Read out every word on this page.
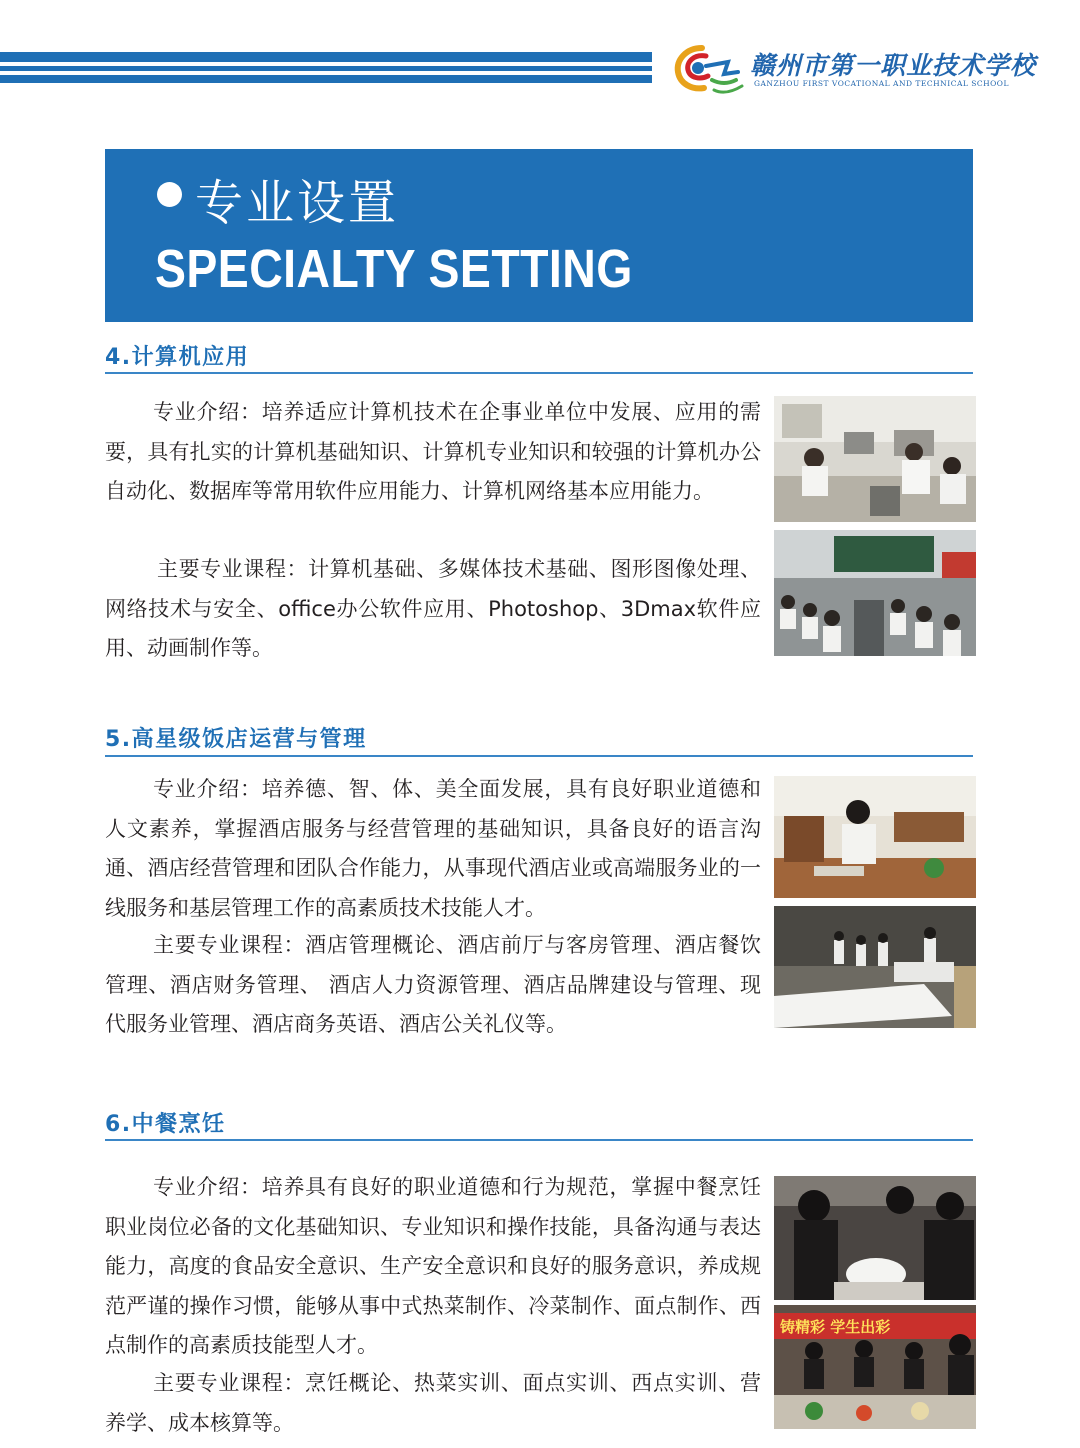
赣州市第一职业技术学校
GANZHOU FIRST VOCATIONAL AND TECHNICAL SCHOOL
专业设置
SPECIALTY SETTING
4.计算机应用

专业介绍：培养适应计算机技术在企事业单位中发展、应用的需要，具有扎实的计算机基础知识、计算机专业知识和较强的计算机办公自动化、数据库等常用软件应用能力、计算机网络基本应用能力。

主要专业课程：计算机基础、多媒体技术基础、图形图像处理、网络技术与安全、office办公软件应用、Photoshop、3Dmax软件应用、动画制作等。

5.高星级饭店运营与管理

专业介绍：培养德、智、体、美全面发展，具有良好职业道德和人文素养，掌握酒店服务与经营管理的基础知识，具备良好的语言沟通、酒店经营管理和团队合作能力，从事现代酒店业或高端服务业的一线服务和基层管理工作的高素质技术技能人才。

主要专业课程：酒店管理概论、酒店前厅与客房管理、酒店餐饮管理、酒店财务管理、 酒店人力资源管理、酒店品牌建设与管理、现代服务业管理、酒店商务英语、酒店公关礼仪等。

6.中餐烹饪

专业介绍：培养具有良好的职业道德和行为规范，掌握中餐烹饪职业岗位必备的文化基础知识、专业知识和操作技能，具备沟通与表达能力，高度的食品安全意识、生产安全意识和良好的服务意识，养成规范严谨的操作习惯，能够从事中式热菜制作、冷菜制作、面点制作、西点制作的高素质技能型人才。

主要专业课程：烹饪概论、热菜实训、面点实训、西点实训、营养学、成本核算等。

铸精彩 学生出彩
